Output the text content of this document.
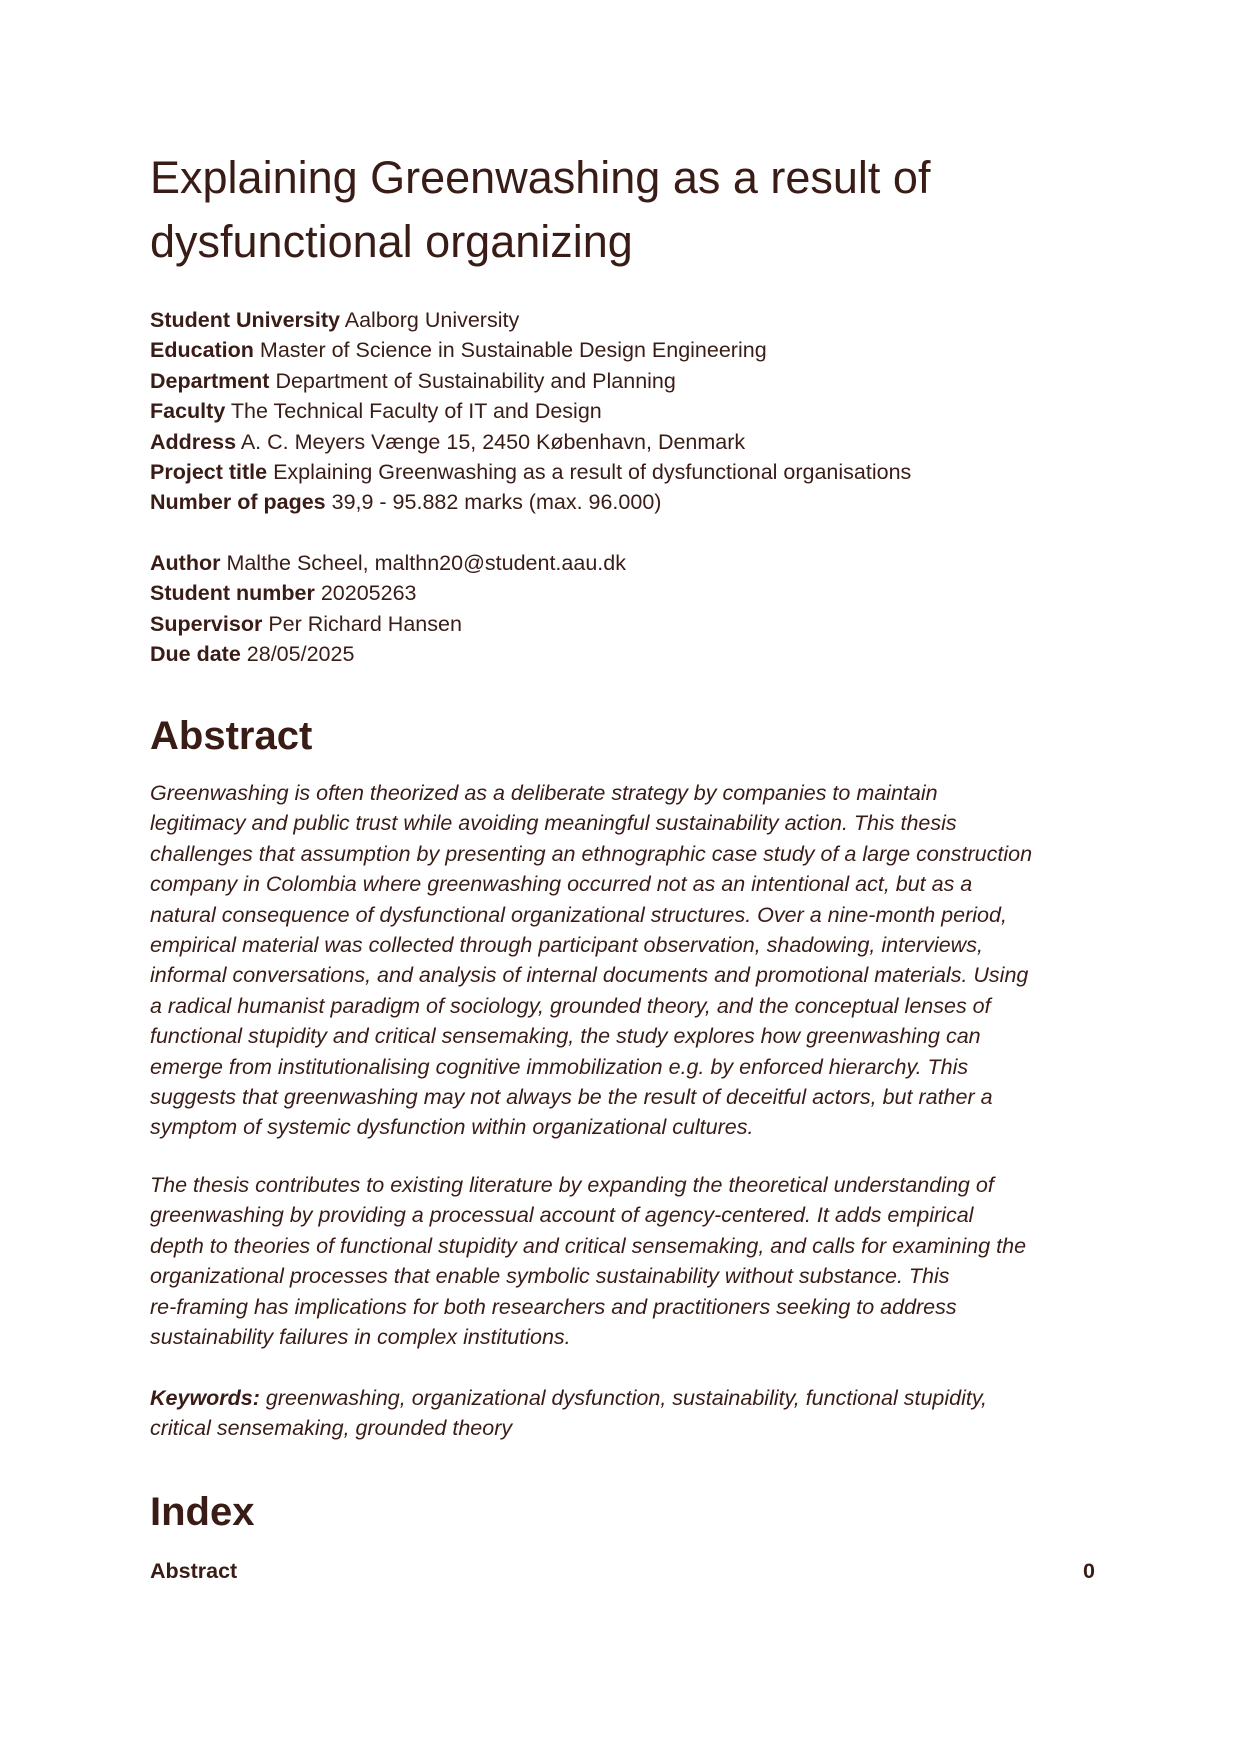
Explaining Greenwashing as a result of
dysfunctional organizing
Student University Aalborg University
Education Master of Science in Sustainable Design Engineering
Department Department of Sustainability and Planning
Faculty The Technical Faculty of IT and Design
Address A. C. Meyers Vænge 15, 2450 København, Denmark
Project title Explaining Greenwashing as a result of dysfunctional organisations
Number of pages 39,9 - 95.882 marks (max. 96.000)
Author Malthe Scheel, malthn20@student.aau.dk
Student number 20205263
Supervisor Per Richard Hansen
Due date 28/05/2025
Abstract

Greenwashing is often theorized as a deliberate strategy by companies to maintain
legitimacy and public trust while avoiding meaningful sustainability action. This thesis
challenges that assumption by presenting an ethnographic case study of a large construction
company in Colombia where greenwashing occurred not as an intentional act, but as a
natural consequence of dysfunctional organizational structures. Over a nine-month period,
empirical material was collected through participant observation, shadowing, interviews,
informal conversations, and analysis of internal documents and promotional materials. Using
a radical humanist paradigm of sociology, grounded theory, and the conceptual lenses of
functional stupidity and critical sensemaking, the study explores how greenwashing can
emerge from institutionalising cognitive immobilization e.g. by enforced hierarchy. This
suggests that greenwashing may not always be the result of deceitful actors, but rather a
symptom of systemic dysfunction within organizational cultures.

The thesis contributes to existing literature by expanding the theoretical understanding of
greenwashing by providing a processual account of agency-centered. It adds empirical
depth to theories of functional stupidity and critical sensemaking, and calls for examining the
organizational processes that enable symbolic sustainability without substance. This
re-framing has implications for both researchers and practitioners seeking to address
sustainability failures in complex institutions.

Keywords: greenwashing, organizational dysfunction, sustainability, functional stupidity,
critical sensemaking, grounded theory

Index
Abstract	0
